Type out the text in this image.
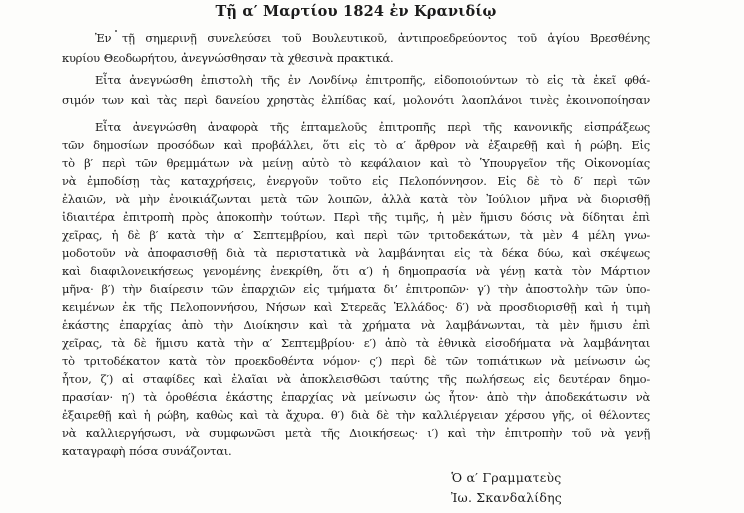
Τῇ α′ Μαρτίου 1824 ἐν Κρανιδίῳ
Ἐν τῇ σημερινῇ συνελεύσει τοῦ Βουλευτικοῦ, ἀντιπροεδρεύοντος τοῦ ἁγίου Βρεσθένης
κυρίου Θεοδωρήτου, ἀνεγνώσθησαν τὰ χθεσινὰ πρακτικά.
Εἶτα ἀνεγνώσθη ἐπιστολὴ τῆς ἐν Λονδίνῳ ἐπιτροπῆς, εἰδοποιούντων τὸ εἰς τὰ ἐκεῖ φθά-
σιμόν των καὶ τὰς περὶ δανείου χρηστὰς ἐλπίδας καί, μολονότι λαοπλάνοι τινὲς ἐκοινοποίησαν
Εἶτα ἀνεγνώσθη ἀναφορὰ τῆς ἑπταμελοῦς ἐπιτροπῆς περὶ τῆς κανονικῆς εἰσπράξεως
τῶν δημοσίων προσόδων καὶ προβάλλει, ὅτι εἰς τὸ α′ ἄρθρον νὰ ἐξαιρεθῇ καὶ ἡ ρώβη. Εἰς
τὸ β′ περὶ τῶν θρεμμάτων νὰ μείνῃ αὐτὸ τὸ κεφάλαιον καὶ τὸ Ὑπουργεῖον τῆς Οἰκονομίας
νὰ ἐμποδίσῃ τὰς καταχρήσεις, ἐνεργοῦν τοῦτο εἰς Πελοπόννησον. Εἰς δὲ τὸ δ′ περὶ τῶν
ἐλαιῶν, νὰ μὴν ἐνοικιάζωνται μετὰ τῶν λοιπῶν, ἀλλὰ κατὰ τὸν Ἰούλιον μῆνα νὰ διορισθῇ
ἰδιαιτέρα ἐπιτροπὴ πρὸς ἀποκοπὴν τούτων. Περὶ τῆς τιμῆς, ἡ μὲν ἥμισυ δόσις νὰ δίδηται ἐπὶ
χεῖρας, ἡ δὲ β′ κατὰ τὴν α′ Σεπτεμβρίου, καὶ περὶ τῶν τριτοδεκάτων, τὰ μὲν 4 μέλη γνω-
μοδοτοῦν νὰ ἀποφασισθῇ διὰ τὰ περιστατικὰ νὰ λαμβάνηται εἰς τὰ δέκα δύω, καὶ σκέψεως
καὶ διαφιλονεικήσεως γενομένης ἐνεκρίθη, ὅτι α′) ἡ δημοπρασία νὰ γένῃ κατὰ τὸν Μάρτιον
μῆνα· β′) τὴν διαίρεσιν τῶν ἐπαρχιῶν εἰς τμήματα δι’ ἐπιτροπῶν· γ′) τὴν ἀποστολὴν τῶν ὑπο-
κειμένων ἐκ τῆς Πελοποννήσου, Νήσων καὶ Στερεᾶς Ἑλλάδος· δ′) νὰ προσδιορισθῇ καὶ ἡ τιμὴ
ἑκάστης ἐπαρχίας ἀπὸ τὴν Διοίκησιν καὶ τὰ χρήματα νὰ λαμβάνωνται, τὰ μὲν ἥμισυ ἐπὶ
χεῖρας, τὰ δὲ ἥμισυ κατὰ τὴν α′ Σεπτεμβρίου· ε′) ἀπὸ τὰ ἐθνικὰ εἰσοδήματα νὰ λαμβάνηται
τὸ τριτοδέκατον κατὰ τὸν προεκδοθέντα νόμον· ς′) περὶ δὲ τῶν τοπιάτικων νὰ μείνωσιν ὡς
ἦτον, ζ′) αἱ σταφίδες καὶ ἐλαῖαι νὰ ἀποκλεισθῶσι ταύτης τῆς πωλήσεως εἰς δευτέραν δημο-
πρασίαν· η′) τὰ ὁροθέσια ἑκάστης ἐπαρχίας νὰ μείνωσιν ὡς ἦτον· ἀπὸ τὴν ἀποδεκάτωσιν νὰ
ἐξαιρεθῇ καὶ ἡ ρώβη, καθὼς καὶ τὰ ἄχυρα. θ′) διὰ δὲ τὴν καλλιέργειαν χέρσου γῆς, οἱ θέλοντες
νὰ καλλιεργήσωσι, νὰ συμφωνῶσι μετὰ τῆς Διοικήσεως· ι′) καὶ τὴν ἐπιτροπὴν τοῦ νὰ γενῇ
καταγραφὴ πόσα συνάζονται.
Ὁ α′ Γραμματεὺς
Ἰω. Σκανδαλίδης
